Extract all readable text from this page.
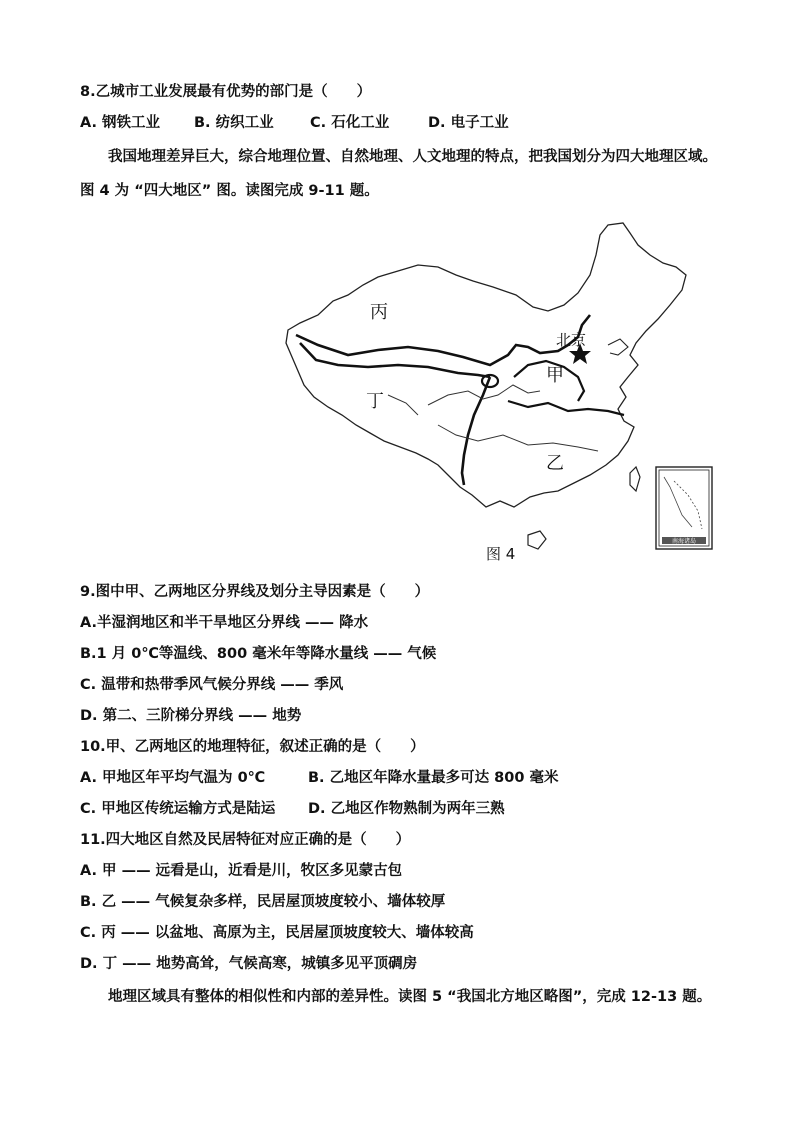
8.乙城市工业发展最有优势的部门是（　　）
A. 钢铁工业 B. 纺织工业	C. 石化工业	D. 电子工业
我国地理差异巨大，综合地理位置、自然地理、人文地理的特点，把我国划分为四大地理区域。图 4 为 “四大地区” 图。读图完成 9-11 题。
丙
丁
甲
乙
北京
南海诸岛
图 4
9.图中甲、乙两地区分界线及划分主导因素是（　　）
A.半湿润地区和半干旱地区分界线 —— 降水
B.1 月 0℃等温线、800 毫米年等降水量线 —— 气候
C. 温带和热带季风气候分界线 —— 季风
D. 第二、三阶梯分界线 —— 地势
10.甲、乙两地区的地理特征，叙述正确的是（　　）
A. 甲地区年平均气温为 0℃	B. 乙地区年降水量最多可达 800 毫米
C. 甲地区传统运输方式是陆运 D. 乙地区作物熟制为两年三熟
11.四大地区自然及民居特征对应正确的是（　　）
A. 甲 —— 远看是山，近看是川，牧区多见蒙古包
B. 乙 —— 气候复杂多样，民居屋顶坡度较小、墙体较厚
C. 丙 —— 以盆地、高原为主，民居屋顶坡度较大、墙体较高
D. 丁 —— 地势高耸，气候高寒，城镇多见平顶碉房
地理区域具有整体的相似性和内部的差异性。读图 5 “我国北方地区略图”，完成 12-13 题。
